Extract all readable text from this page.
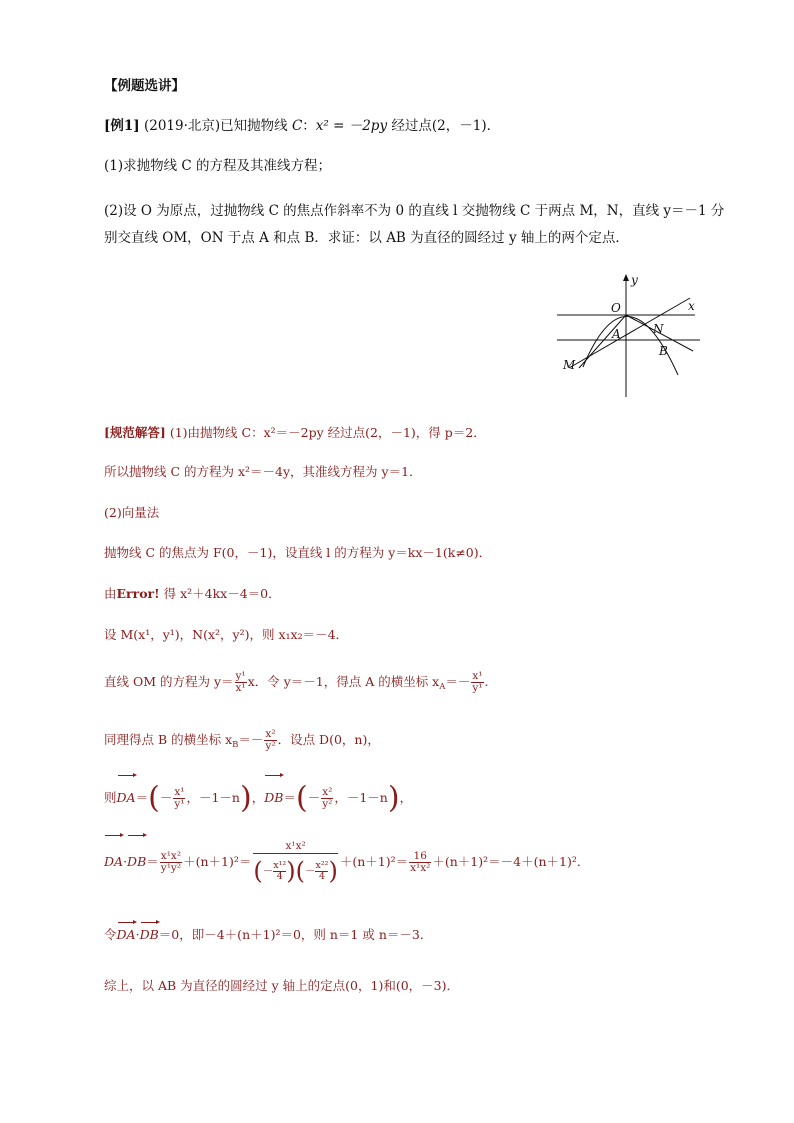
【例题选讲】
[例1] (2019·北京)已知抛物线 C：x² = －2py 经过点(2，－1)．
(1)求抛物线 C 的方程及其准线方程；
(2)设 O 为原点，过抛物线 C 的焦点作斜率不为 0 的直线 l 交抛物线 C 于两点 M，N，直线 y＝－1 分
别交直线 OM，ON 于点 A 和点 B．求证：以 AB 为直径的圆经过 y 轴上的两个定点．
y
x
O
A	N
B
M
[规范解答] (1)由抛物线 C：x²＝－2py 经过点(2，－1)，得 p＝2．
所以抛物线 C 的方程为 x²＝－4y，其准线方程为 y＝1．
(2)向量法
抛物线 C 的焦点为 F(0，－1)，设直线 l 的方程为 y＝kx－1(k≠0)．
由Error! 得 x²＋4kx－4＝0．
设 M(x¹，y¹)，N(x²，y²)，则 x₁x₂＝－4．
直线 OM 的方程为 $y= \frac{\text{y¹}}{\text{x¹}}$ x．令 y＝－1，得点 A 的横坐标 $x_A=- \frac{\text{x¹}}{\text{y¹}}$ .
同理得点 B 的横坐标 $x_B=- \frac{\text{x²}}{\text{y²}}$ ．设点 D(0，n)，
则$DA=(- \frac{\text{x¹}}{\text{y¹}}$ ，－1－n)，$DB=(- \frac{\text{x²}}{\text{y²}}$ ，－1－n)，
$DA\cdot DB= \frac{\text{x¹x²}}{\text{y¹y²}} +(n+1)^2= \frac{\text{x¹x²}}{(- \frac{\text{x¹²}}{4} )(- \frac{\text{x²²}}{4} )} +(n+1)^2= \frac{16}{\text{x¹x²}} +(n+1)^2=-4+(n+1)^2$．
令DA·DB＝0，即－4＋(n＋1)²＝0，则 n＝1 或 n＝－3．
综上，以 AB 为直径的圆经过 y 轴上的定点(0，1)和(0，－3)．
